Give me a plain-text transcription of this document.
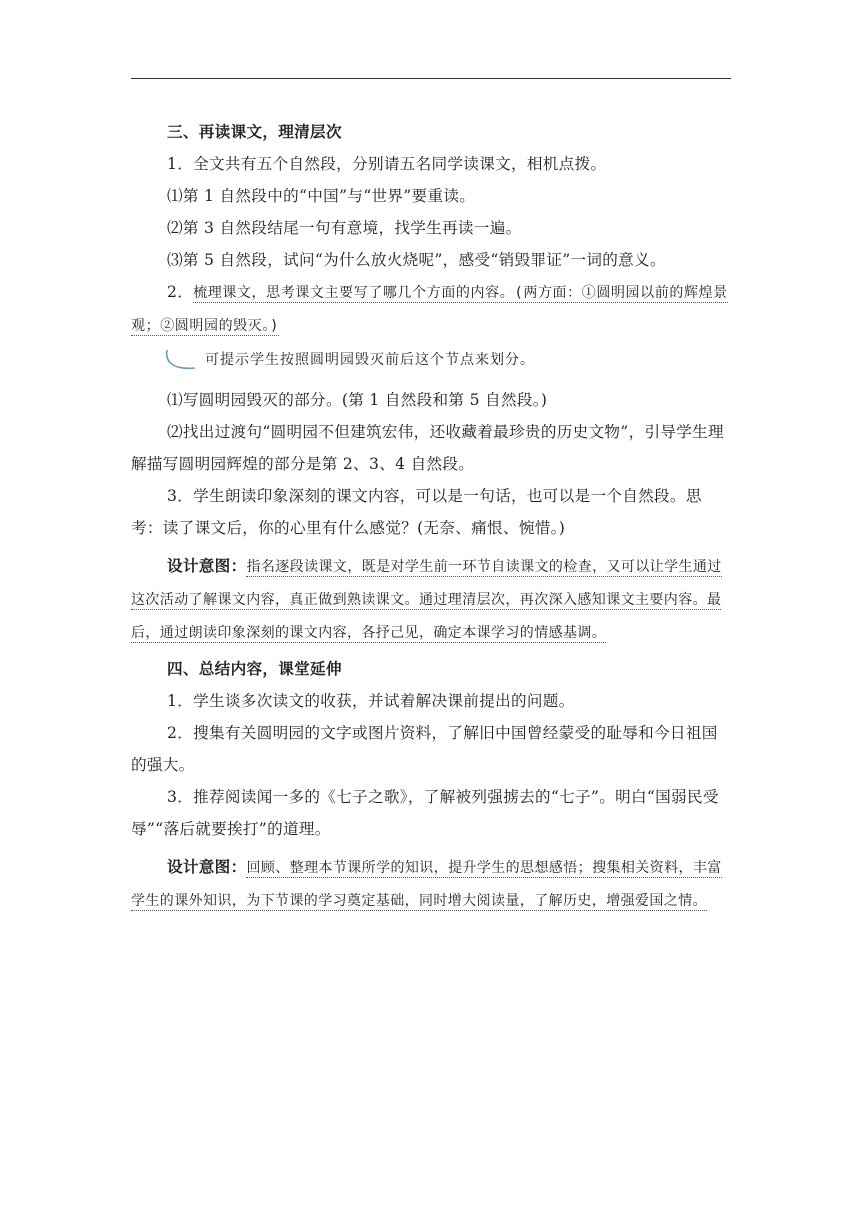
三、再读课文，理清层次

1．全文共有五个自然段，分别请五名同学读课文，相机点拨。

⑴第 1 自然段中的“中国”与“世界”要重读。

⑵第 3 自然段结尾一句有意境，找学生再读一遍。

⑶第 5 自然段，试问“为什么放火烧呢”，感受“销毁罪证”一词的意义。

2．梳理课文，思考课文主要写了哪几个方面的内容。(两方面：①圆明园以前的辉煌景观；②圆明园的毁灭。)

可提示学生按照圆明园毁灭前后这个节点来划分。

⑴写圆明园毁灭的部分。(第 1 自然段和第 5 自然段。)

⑵找出过渡句“圆明园不但建筑宏伟，还收藏着最珍贵的历史文物”，引导学生理解描写圆明园辉煌的部分是第 2、3、4 自然段。

3．学生朗读印象深刻的课文内容，可以是一句话，也可以是一个自然段。思考：读了课文后，你的心里有什么感觉？(无奈、痛恨、惋惜。)

设计意图：指名逐段读课文，既是对学生前一环节自读课文的检查，又可以让学生通过这次活动了解课文内容，真正做到熟读课文。通过理清层次，再次深入感知课文主要内容。最后，通过朗读印象深刻的课文内容，各抒己见，确定本课学习的情感基调。

四、总结内容，课堂延伸

1．学生谈多次读文的收获，并试着解决课前提出的问题。

2．搜集有关圆明园的文字或图片资料，了解旧中国曾经蒙受的耻辱和今日祖国的强大。

3．推荐阅读闻一多的《七子之歌》，了解被列强掳去的“七子”。明白“国弱民受辱”“落后就要挨打”的道理。

设计意图：回顾、整理本节课所学的知识，提升学生的思想感悟；搜集相关资料，丰富学生的课外知识，为下节课的学习奠定基础，同时增大阅读量，了解历史，增强爱国之情。
